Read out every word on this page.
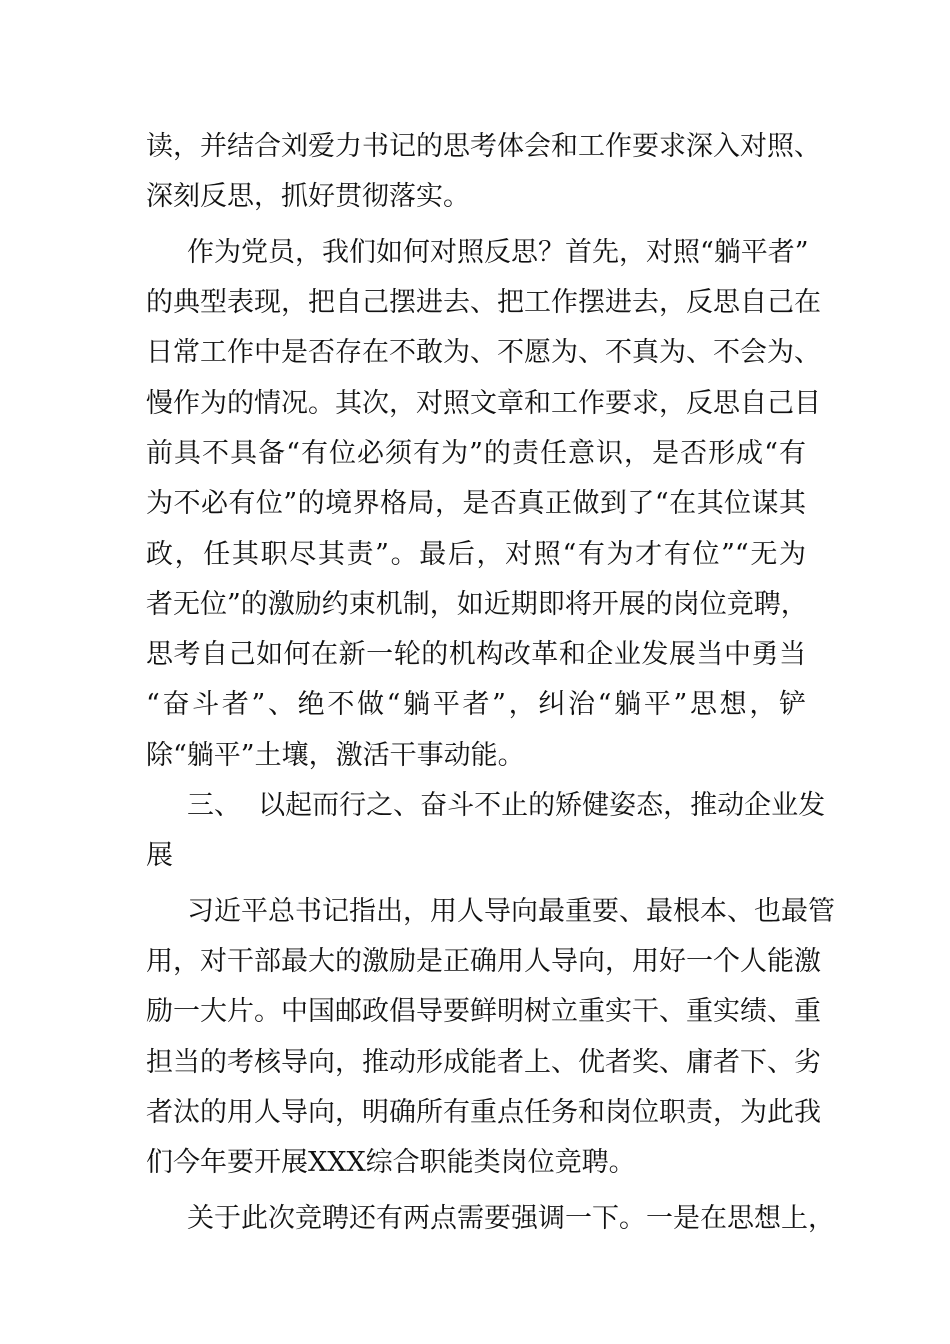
读，并结合刘爱力书记的思考体会和工作要求深入对照、
深刻反思，抓好贯彻落实。
作为党员，我们如何对照反思？首先，对照“躺平者”
的典型表现，把自己摆进去、把工作摆进去，反思自己在
日常工作中是否存在不敢为、不愿为、不真为、不会为、
慢作为的情况。其次，对照文章和工作要求，反思自己目
前具不具备“有位必须有为”的责任意识，是否形成“有
为不必有位”的境界格局，是否真正做到了“在其位谋其
政，任其职尽其责”。最后，对照“有为才有位”“无为
者无位”的激励约束机制，如近期即将开展的岗位竞聘，
思考自己如何在新一轮的机构改革和企业发展当中勇当
“奋斗者”、绝不做“躺平者”，纠治“躺平”思想，铲
除“躺平”土壤，激活干事动能。
三、  以起而行之、奋斗不止的矫健姿态，推动企业发
展
习近平总书记指出，用人导向最重要、最根本、也最管
用，对干部最大的激励是正确用人导向，用好一个人能激
励一大片。中国邮政倡导要鲜明树立重实干、重实绩、重
担当的考核导向，推动形成能者上、优者奖、庸者下、劣
者汰的用人导向，明确所有重点任务和岗位职责，为此我
们今年要开展XXX综合职能类岗位竞聘。
关于此次竞聘还有两点需要强调一下。一是在思想上，
